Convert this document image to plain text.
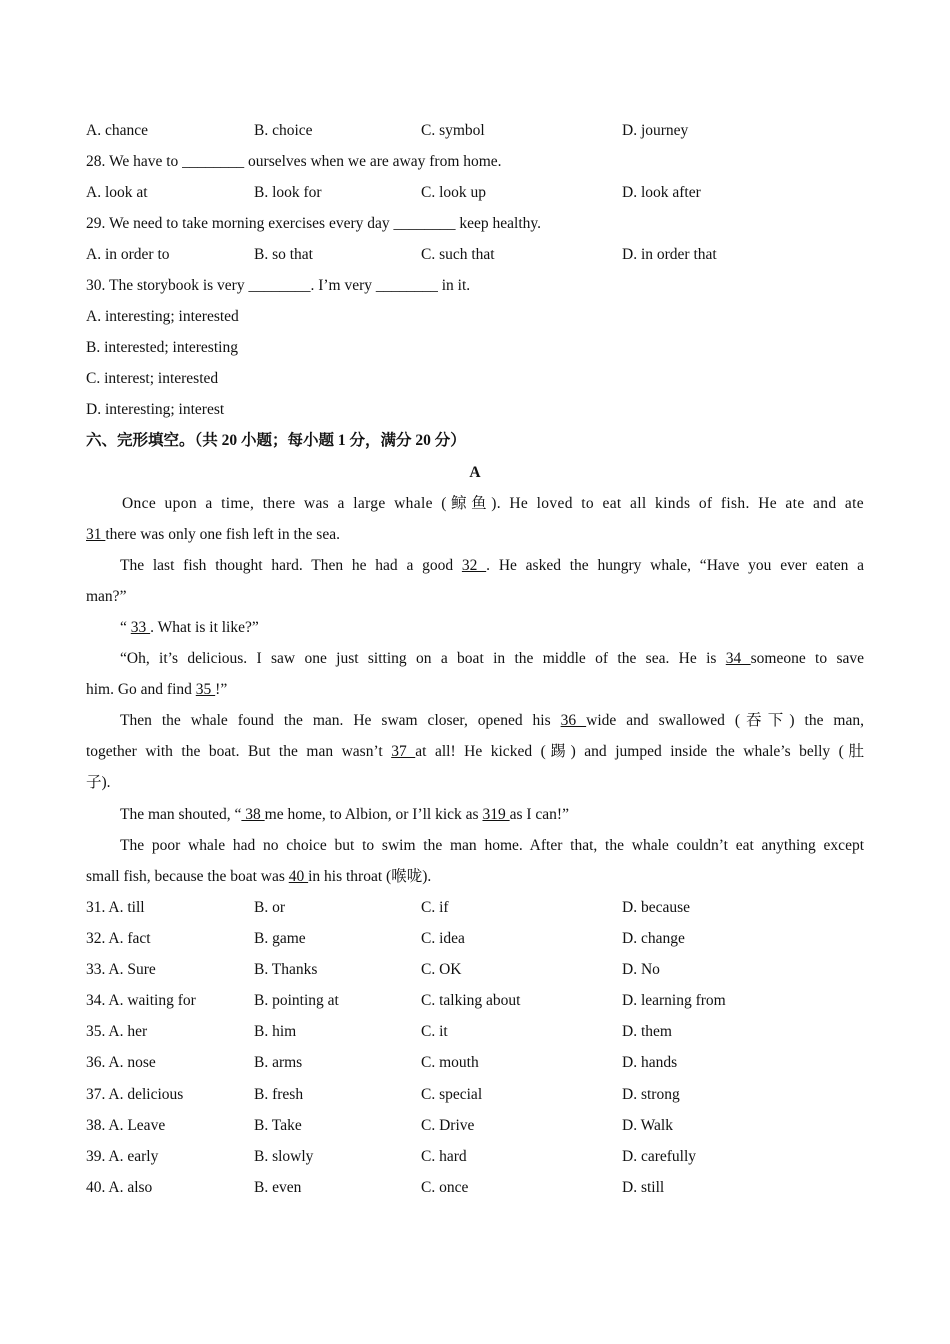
A. chance	B. choice	C. symbol	D. journey
28. We have to ________ ourselves when we are away from home.
A. look at	B. look for	C. look up	D. look after
29. We need to take morning exercises every day ________ keep healthy.
A. in order to	B. so that	C. such that	D. in order that
30. The storybook is very ________. I’m very ________ in it.
A. interesting; interested
B. interested; interesting
C. interest; interested
D. interesting; interest
六、完形填空。（共 20 小题；每小题 1 分，满分 20 分）
A
Once upon a time, there was a large whale (鲸鱼). He loved to eat all kinds of fish. He ate and ate
31 there was only one fish left in the sea.
The last fish thought hard. Then he had a good 32 . He asked the hungry whale, “Have you ever eaten a
man?”
“ 33 . What is it like?”
“Oh, it’s delicious. I saw one just sitting on a boat in the middle of the sea. He is 34 someone to save
him. Go and find 35 !”
Then the whale found the man. He swam closer, opened his 36 wide and swallowed (吞下) the man,
together with the boat. But the man wasn’t 37 at all! He kicked (踢) and jumped inside the whale’s belly (肚
子).
The man shouted, “ 38 me home, to Albion, or I’ll kick as 319 as I can!”
The poor whale had no choice but to swim the man home. After that, the whale couldn’t eat anything except
small fish, because the boat was 40 in his throat (喉咙).
31. A. till	B. or	C. if	D. because
32. A. fact	B. game	C. idea	D. change
33. A. Sure	B. Thanks	C. OK	D. No
34. A. waiting for	B. pointing at	C. talking about	D. learning from
35. A. her	B. him	C. it	D. them
36. A. nose	B. arms	C. mouth	D. hands
37. A. delicious	B. fresh	C. special	D. strong
38. A. Leave	B. Take	C. Drive	D. Walk
39. A. early	B. slowly	C. hard	D. carefully
40. A. also	B. even	C. once	D. still
